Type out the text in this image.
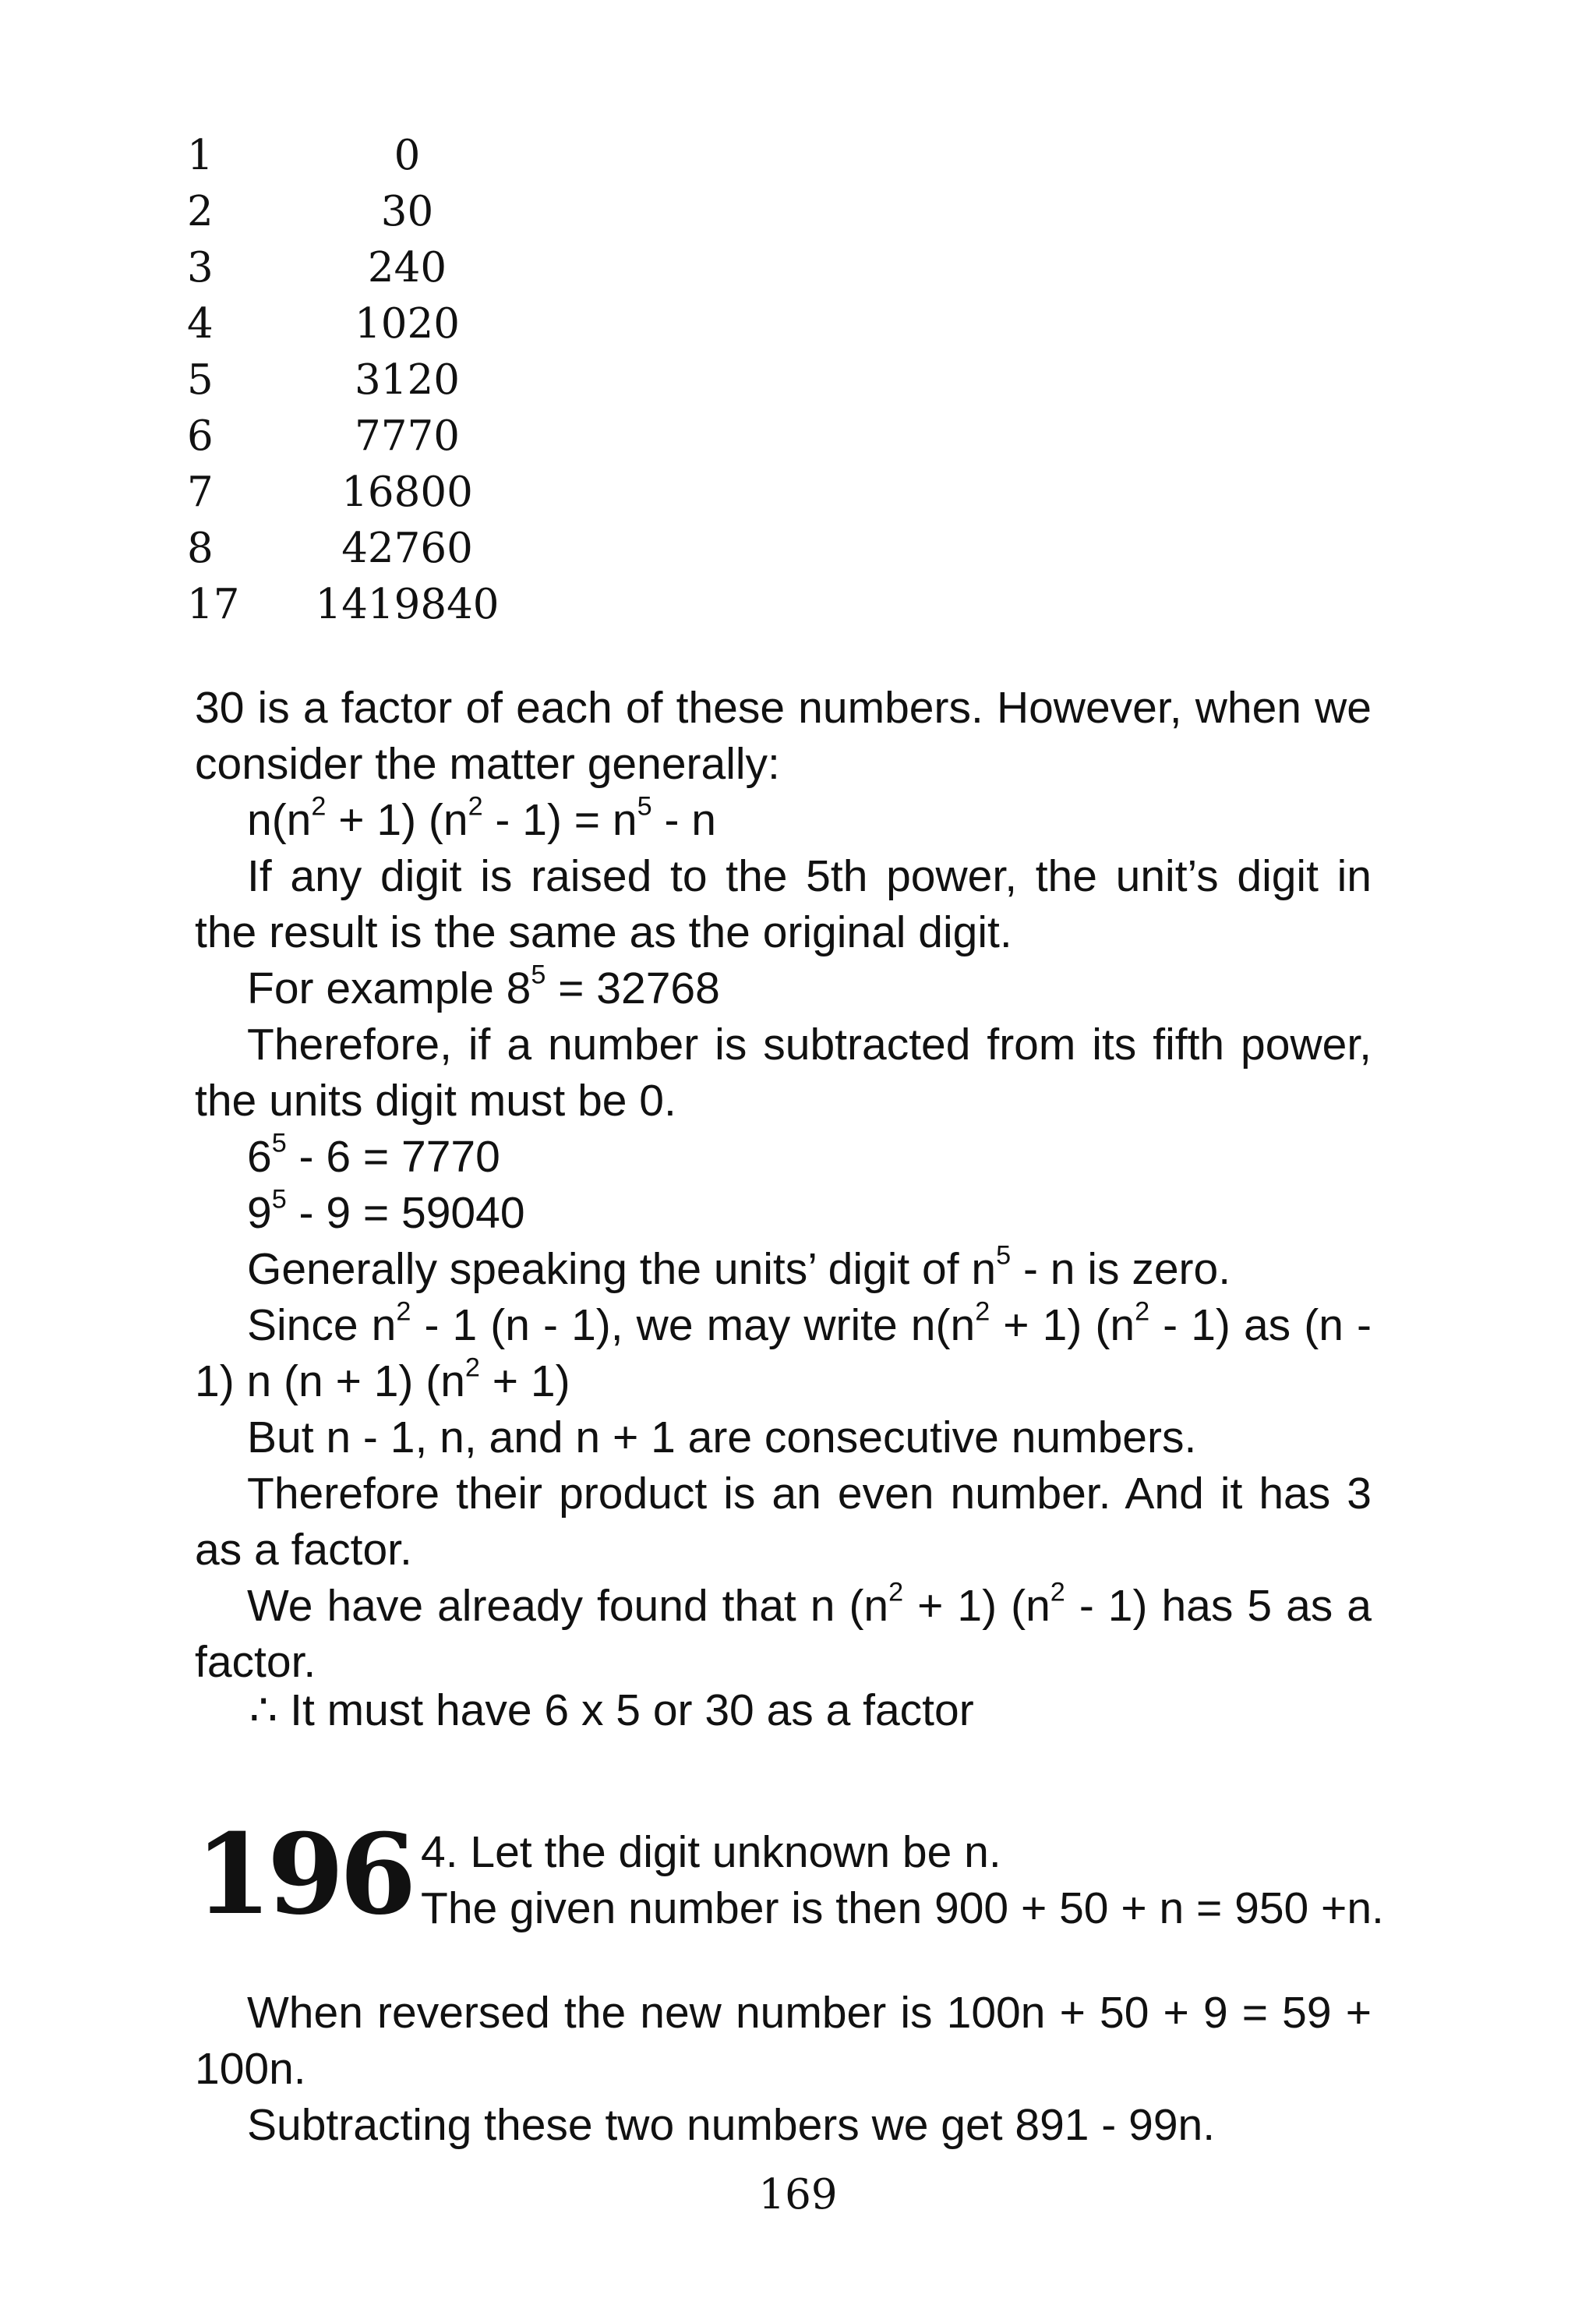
1	0
2	30
3	240
4	1020
5	3120
6	7770
7	16800
8	42760
17	1419840

30 is a factor of each of these numbers. However, when we consider the matter generally:

$n(n^2 + 1)$ $(n^2 - 1) = n^5 - n$

If any digit is raised to the 5th power, the unit’s digit in the result is the same as the original digit.

For example $8^5 = 32768$

Therefore, if a number is subtracted from its fifth power, the units digit must be 0.

$6^5 - 6 = 7770$

$9^5 - 9 = 59040$

Generally speaking the units’ digit of $n^5$ - n is zero.

Since $n^2 - 1$ (n - 1), we may write $n(n^2 + 1)$ $(n^2 - 1)$ as (n - 1) n (n + 1) $(n^2 + 1)$

But n - 1, n, and n + 1 are consecutive numbers.

Therefore their product is an even number. And it has 3 as a factor.

We have already found that n $(n^2 + 1)$ $(n^2 - 1)$ has 5 as a factor.

∴ It must have 6 x 5 or 30 as a factor

196 4. Let the digit unknown be n.

The given number is then 900 + 50 + n = 950 +n.

When reversed the new number is 100n + 50 + 9 = 59 + 100n.

Subtracting these two numbers we get 891 - 99n.

169
